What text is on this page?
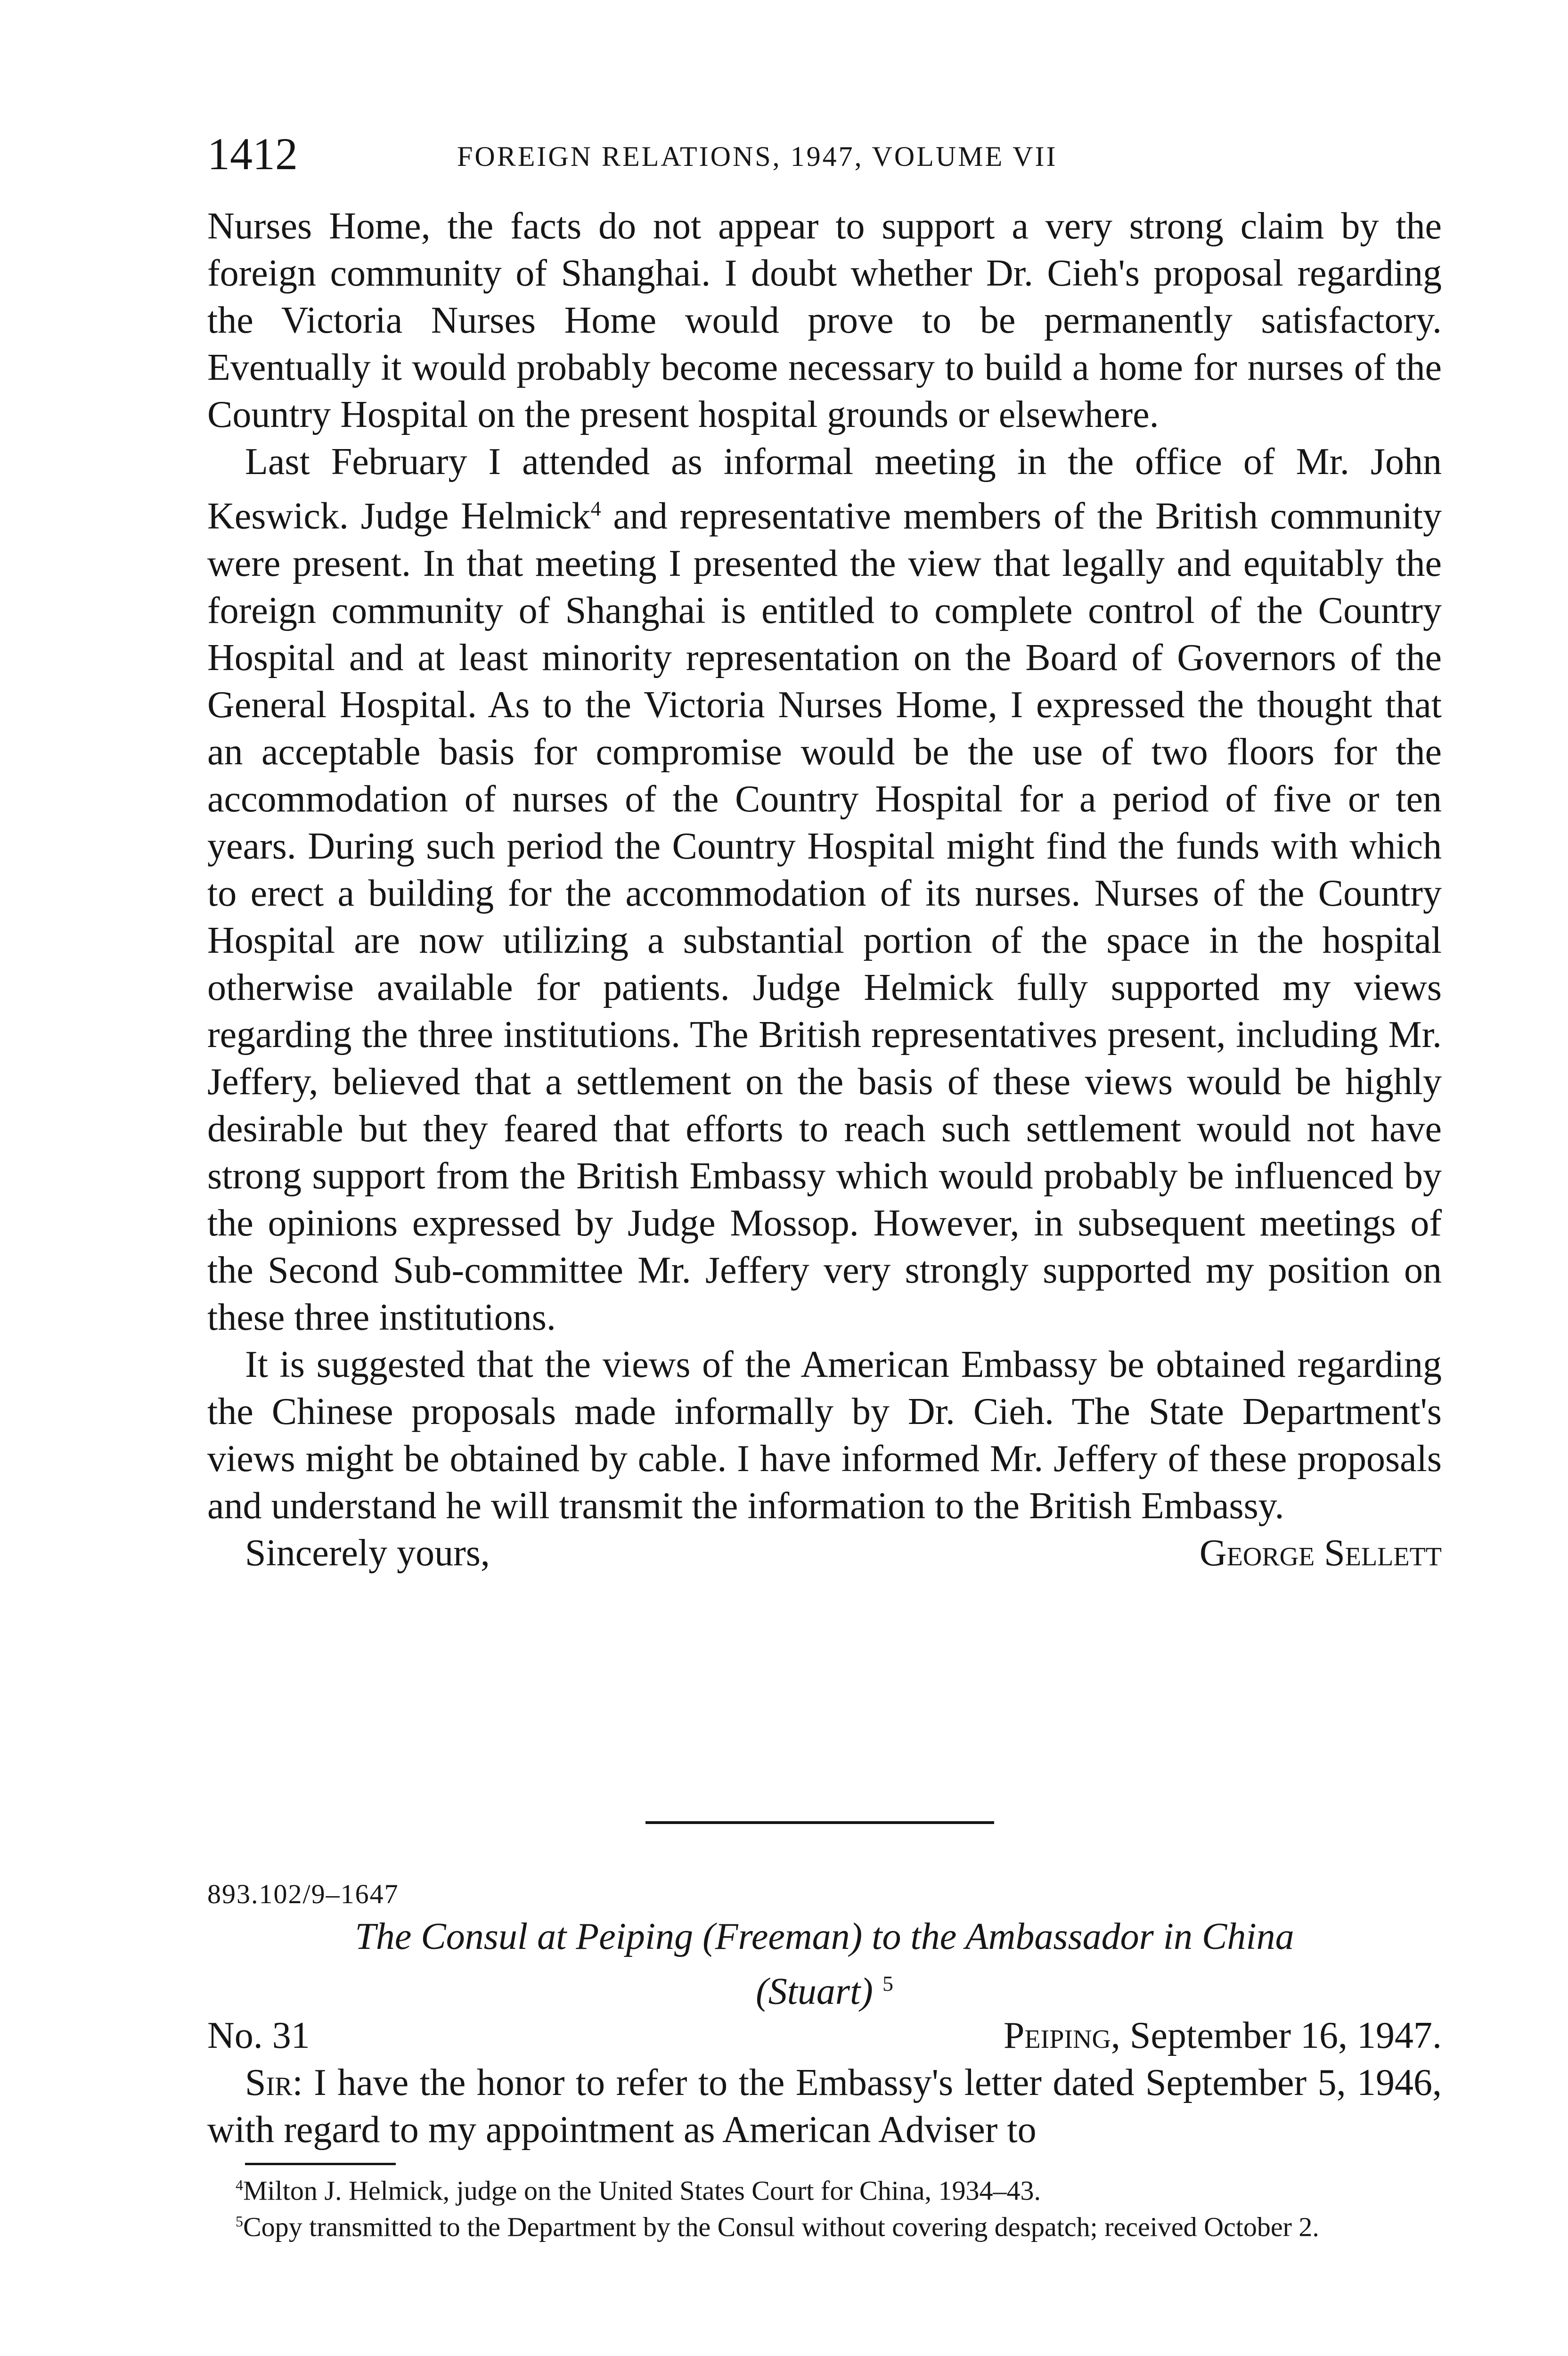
1412	FOREIGN RELATIONS, 1947, VOLUME VII

Nurses Home, the facts do not appear to support a very strong claim by the foreign community of Shanghai. I doubt whether Dr. Cieh's proposal regarding the Victoria Nurses Home would prove to be permanently satisfactory. Eventually it would probably become necessary to build a home for nurses of the Country Hospital on the present hospital grounds or elsewhere.

Last February I attended as informal meeting in the office of Mr. John Keswick. Judge Helmick$^4$ and representative members of the British community were present. In that meeting I presented the view that legally and equitably the foreign community of Shanghai is entitled to complete control of the Country Hospital and at least minority representation on the Board of Governors of the General Hospital. As to the Victoria Nurses Home, I expressed the thought that an acceptable basis for compromise would be the use of two floors for the accommodation of nurses of the Country Hospital for a period of five or ten years. During such period the Country Hospital might find the funds with which to erect a building for the accommodation of its nurses. Nurses of the Country Hospital are now utilizing a substantial portion of the space in the hospital otherwise available for patients. Judge Helmick fully supported my views regarding the three institutions. The British representatives present, including Mr. Jeffery, believed that a settlement on the basis of these views would be highly desirable but they feared that efforts to reach such settlement would not have strong support from the British Embassy which would probably be influenced by the opinions expressed by Judge Mossop. However, in subsequent meetings of the Second Sub-committee Mr. Jeffery very strongly supported my position on these three institutions.

It is suggested that the views of the American Embassy be obtained regarding the Chinese proposals made informally by Dr. Cieh. The State Department's views might be obtained by cable. I have informed Mr. Jeffery of these proposals and understand he will transmit the information to the British Embassy.

Sincerely yours,	George Sellett
893.102/9–1647
The Consul at Peiping (Freeman) to the Ambassador in China
(Stuart) $^5$
No. 31	Peiping, September 16, 1947.

Sir: I have the honor to refer to the Embassy's letter dated September 5, 1946, with regard to my appointment as American Adviser to

$^4$Milton J. Helmick, judge on the United States Court for China, 1934–43.

$^5$Copy transmitted to the Department by the Consul without covering despatch; received October 2.
